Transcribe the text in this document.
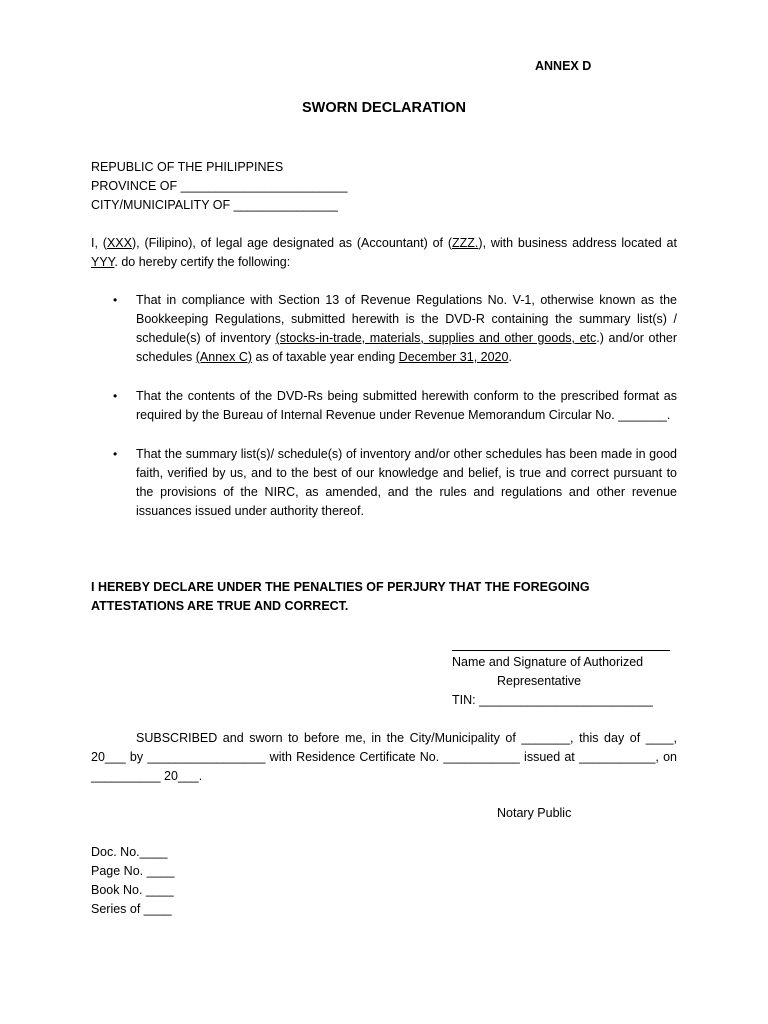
ANNEX D
SWORN DECLARATION
REPUBLIC OF THE PHILIPPINES
PROVINCE OF ________________________
CITY/MUNICIPALITY OF _______________
I, (XXX), (Filipino), of legal age designated as (Accountant) of (ZZZ.), with business address located at YYY. do hereby certify the following:
• That in compliance with Section 13 of Revenue Regulations No. V-1, otherwise known as the Bookkeeping Regulations, submitted herewith is the DVD-R containing the summary list(s) / schedule(s) of inventory (stocks-in-trade, materials, supplies and other goods, etc.) and/or other schedules (Annex C) as of taxable year ending December 31, 2020.
• That the contents of the DVD-Rs being submitted herewith conform to the prescribed format as required by the Bureau of Internal Revenue under Revenue Memorandum Circular No. _______.
• That the summary list(s)/ schedule(s) of inventory and/or other schedules has been made in good faith, verified by us, and to the best of our knowledge and belief, is true and correct pursuant to the provisions of the NIRC, as amended, and the rules and regulations and other revenue issuances issued under authority thereof.
I HEREBY DECLARE UNDER THE PENALTIES OF PERJURY THAT THE FOREGOING ATTESTATIONS ARE TRUE AND CORRECT.
Name and Signature of Authorized
Representative
TIN: _________________________
SUBSCRIBED and sworn to before me, in the City/Municipality of _______, this day of ____, 20___ by _________________ with Residence Certificate No. ___________ issued at ___________, on __________ 20___.
Notary Public
Doc. No.____
Page No. ____
Book No. ____
Series of ____
